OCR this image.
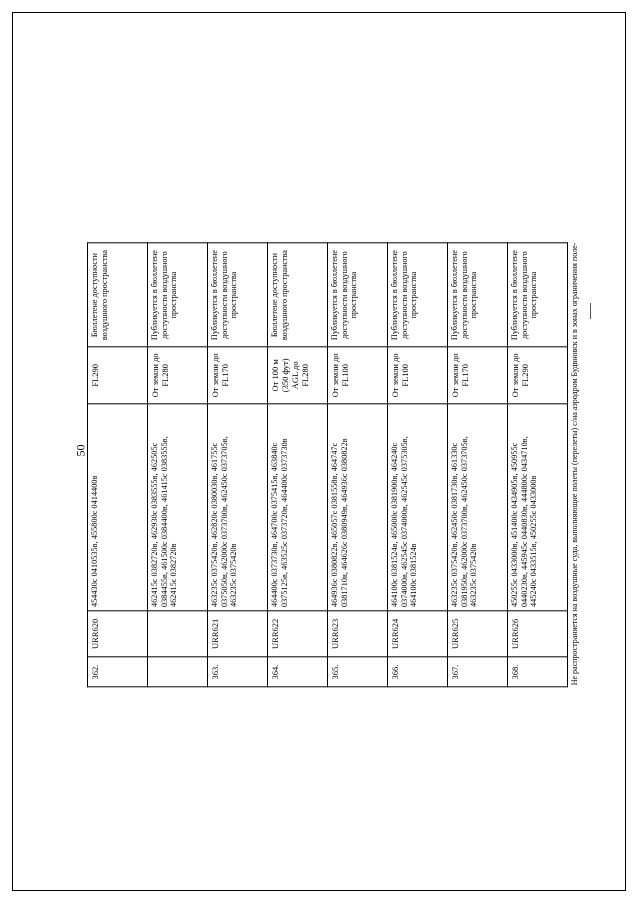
50
362.	URR620	454430с 0410535в, 455800с 0414400в	FL290	Бюллетене доступности воздушного пространства
		462415с 0382720в, 462930с 0383555в, 462505с 0384455в, 461500с 0384400в, 461415с 0383555в, 462415с 0382720в	От земли до FL280	Публикуется в бюллетене доступности воздушного пространства
363.	URR621	463235с 0375420в, 462820с 0380030в, 461755с 0375050в, 462000с 0373700в, 462450с 0373705в, 463235с 0375420в	От земли до FL170	Публикуется в бюллетене доступности воздушного пространства
364.	URR622	464400с 0373730в, 464700с 0375415в, 463840с 0375125в, 463525с 0373720в, 464400с 0373730в	От 100 м (350 фут) AGL до FL280	Бюллетене доступности воздушного пространства
365.	URR623	464936с 0380822в, 465057с 0381558в, 464747с 0381710в, 464626с 0380949в, 464936с 0380822в	От земли до FL100	Публикуется в бюллетене доступности воздушного пространства
366.	URR624	464100с 0381524в, 465000с 0381900в, 464240с 0374000в, 462545с 0374000в, 462545с 0375305в, 464100с 0381524в	От земли до FL100	Публикуется в бюллетене доступности воздушного пространства
367.	URR625	463235с 0375420в, 462450с 0381730в, 461330с 0381950в, 462000с 0373700в, 462450с 0373705в, 463235с 0375420в	От земли до FL170	Публикуется в бюллетене доступности воздушного пространства
368.	URR626	450255с 0433000в, 451400с 0434905в, 450955с 0440230в, 445945с 0440830в, 444800с 0434710в, 445240с 0433515в, 450255с 0433000в	От земли до FL290	Публикуется в бюллетене доступности воздушного пространства	Не распространяется на воздушные суда, выполняющие полеты (перелеты) c/на аэродром Будвновск и в зонах ограничения поле-
